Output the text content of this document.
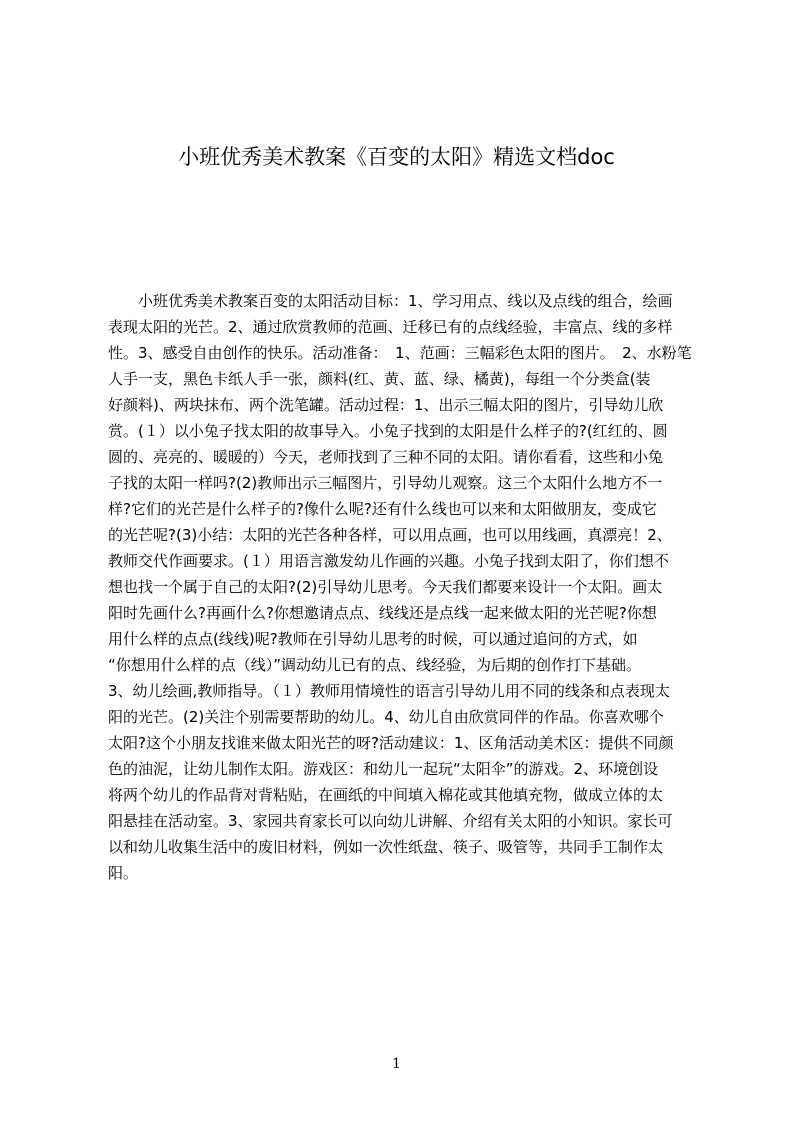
小班优秀美术教案《百变的太阳》精选文档doc
　　小班优秀美术教案百变的太阳活动目标：1、学习用点、线以及点线的组合，绘画
表现太阳的光芒。2、通过欣赏教师的范画、迁移已有的点线经验，丰富点、线的多样
性。3、感受自由创作的快乐。活动准备：　1、范画：三幅彩色太阳的图片。　2、水粉笔
人手一支，黑色卡纸人手一张，颜料(红、黄、蓝、绿、橘黄)，每组一个分类盒(装
好颜料)、两块抹布、两个洗笔罐。活动过程：1、出示三幅太阳的图片，引导幼儿欣
赏。(１）以小兔子找太阳的故事导入。小兔子找到的太阳是什么样子的?(红红的、圆
圆的、亮亮的、暖暖的）今天，老师找到了三种不同的太阳。请你看看，这些和小兔
子找的太阳一样吗?(2)教师出示三幅图片，引导幼儿观察。这三个太阳什么地方不一
样?它们的光芒是什么样子的?像什么呢?还有什么线也可以来和太阳做朋友，变成它
的光芒呢?(3)小结：太阳的光芒各种各样，可以用点画，也可以用线画，真漂亮！2、
教师交代作画要求。(１）用语言激发幼儿作画的兴趣。小兔子找到太阳了，你们想不
想也找一个属于自己的太阳?(2)引导幼儿思考。今天我们都要来设计一个太阳。画太
阳时先画什么?再画什么?你想邀请点点、线线还是点线一起来做太阳的光芒呢?你想
用什么样的点点(线线)呢?教师在引导幼儿思考的时候，可以通过追问的方式，如
“你想用什么样的点（线）”调动幼儿已有的点、线经验，为后期的创作打下基础。
3、幼儿绘画,教师指导。（１）教师用情境性的语言引导幼儿用不同的线条和点表现太
阳的光芒。(2)关注个别需要帮助的幼儿。4、幼儿自由欣赏同伴的作品。你喜欢哪个
太阳?这个小朋友找谁来做太阳光芒的呀?活动建议：1、区角活动美术区：提供不同颜
色的油泥，让幼儿制作太阳。游戏区：和幼儿一起玩“太阳伞”的游戏。2、环境创设
将两个幼儿的作品背对背粘贴，在画纸的中间填入棉花或其他填充物，做成立体的太
阳悬挂在活动室。3、家园共育家长可以向幼儿讲解、介绍有关太阳的小知识。家长可
以和幼儿收集生活中的废旧材料，例如一次性纸盘、筷子、吸管等，共同手工制作太
阳。
1
